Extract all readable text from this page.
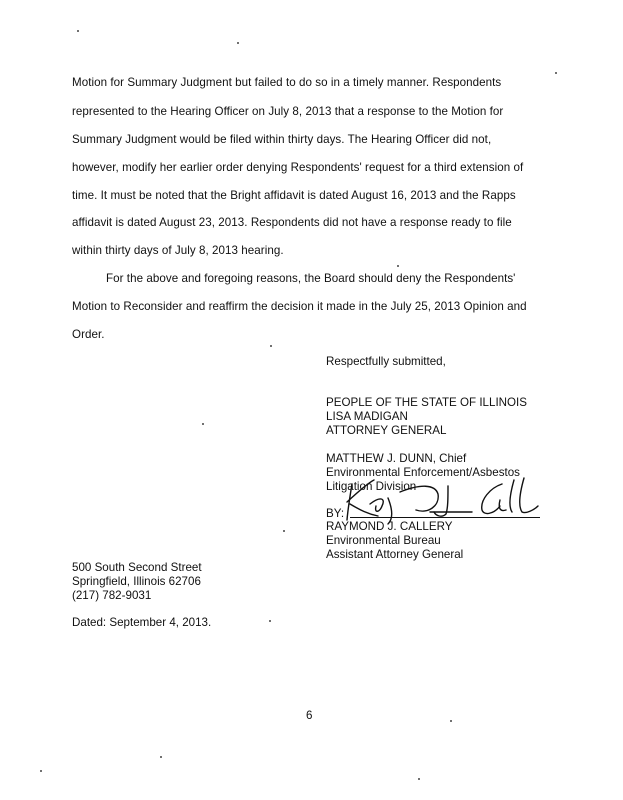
Motion for Summary Judgment but failed to do so in a timely manner. Respondents
represented to the Hearing Officer on July 8, 2013 that a response to the Motion for
Summary Judgment would be filed within thirty days. The Hearing Officer did not,
however, modify her earlier order denying Respondents' request for a third extension of
time. It must be noted that the Bright affidavit is dated August 16, 2013 and the Rapps
affidavit is dated August 23, 2013. Respondents did not have a response ready to file
within thirty days of July 8, 2013 hearing.
For the above and foregoing reasons, the Board should deny the Respondents'
Motion to Reconsider and reaffirm the decision it made in the July 25, 2013 Opinion and
Order.
Respectfully submitted,
PEOPLE OF THE STATE OF ILLINOIS
LISA MADIGAN
ATTORNEY GENERAL
MATTHEW J. DUNN, Chief
Environmental Enforcement/Asbestos
Litigation Division
BY:
RAYMOND J. CALLERY
Environmental Bureau
Assistant Attorney General
500 South Second Street
Springfield, Illinois 62706
(217) 782-9031
Dated: September 4, 2013.
6
